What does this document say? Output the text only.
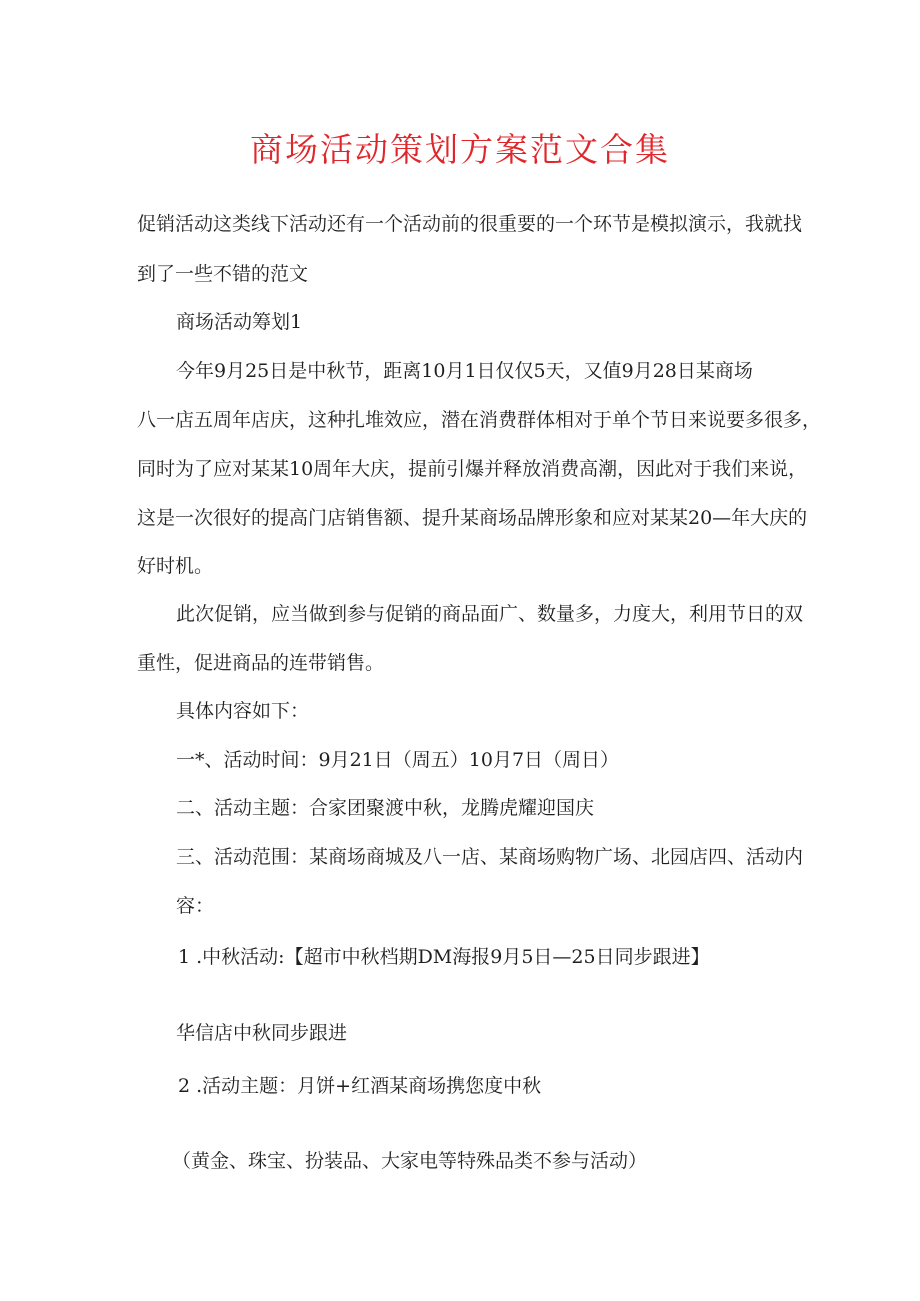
商场活动策划方案范文合集
促销活动这类线下活动还有一个活动前的很重要的一个环节是模拟演示，我就找
到了一些不错的范文
商场活动筹划1
今年9月25日是中秋节，距离10月1日仅仅5天，又值9月28日某商场
八一店五周年店庆，这种扎堆效应，潜在消费群体相对于单个节日来说要多很多，
同时为了应对某某10周年大庆，提前引爆并释放消费高潮，因此对于我们来说，
这是一次很好的提高门店销售额、提升某商场品牌形象和应对某某20—年大庆的
好时机。
此次促销，应当做到参与促销的商品面广、数量多，力度大，利用节日的双
重性，促进商品的连带销售。
具体内容如下：
一*、活动时间：9月21日（周五）10月7日（周日）
二、活动主题：合家团聚渡中秋，龙腾虎耀迎国庆
三、活动范围：某商场商城及八一店、某商场购物广场、北园店四、活动内
容：
1 .中秋活动:【超市中秋档期DM海报9月5日—25日同步跟进】
华信店中秋同步跟进
2 .活动主题：月饼+红酒某商场携您度中秋
（黄金、珠宝、扮装品、大家电等特殊品类不参与活动）
